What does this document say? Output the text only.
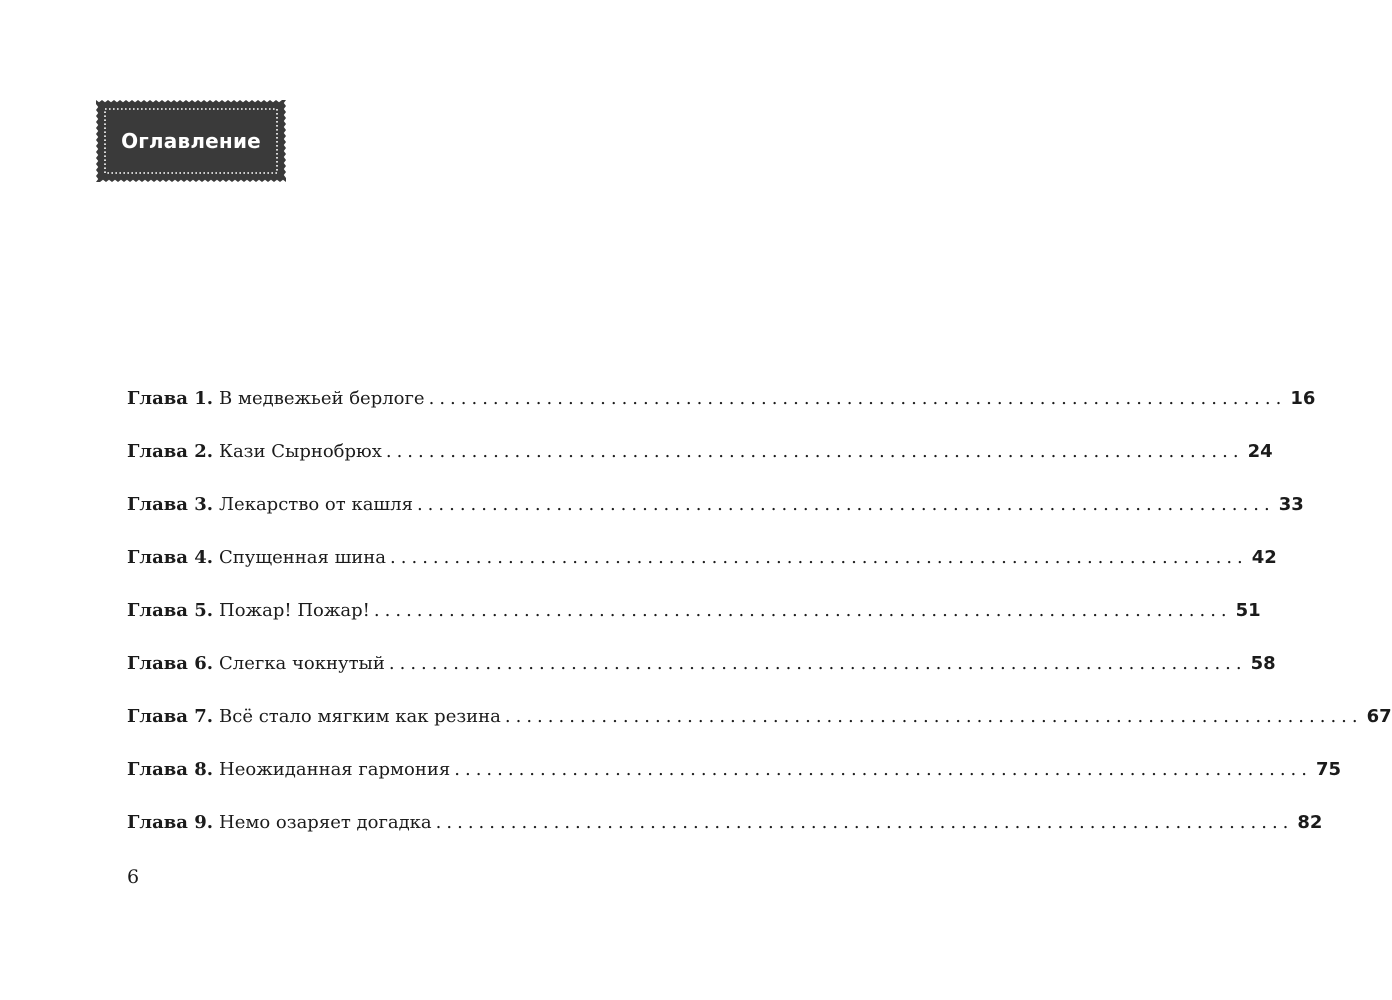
Оглавление
Глава 1. В медвежьей берлоге ................................................................................ 16
Глава 2. Кази Сырнобрюх ................................................................................ 24
Глава 3. Лекарство от кашля ................................................................................ 33
Глава 4. Спущенная шина ................................................................................ 42
Глава 5. Пожар! Пожар! ................................................................................ 51
Глава 6. Слегка чокнутый ................................................................................ 58
Глава 7. Всё стало мягким как резина ................................................................................ 67
Глава 8. Неожиданная гармония ................................................................................ 75
Глава 9. Немо озаряет догадка ................................................................................ 82
6
